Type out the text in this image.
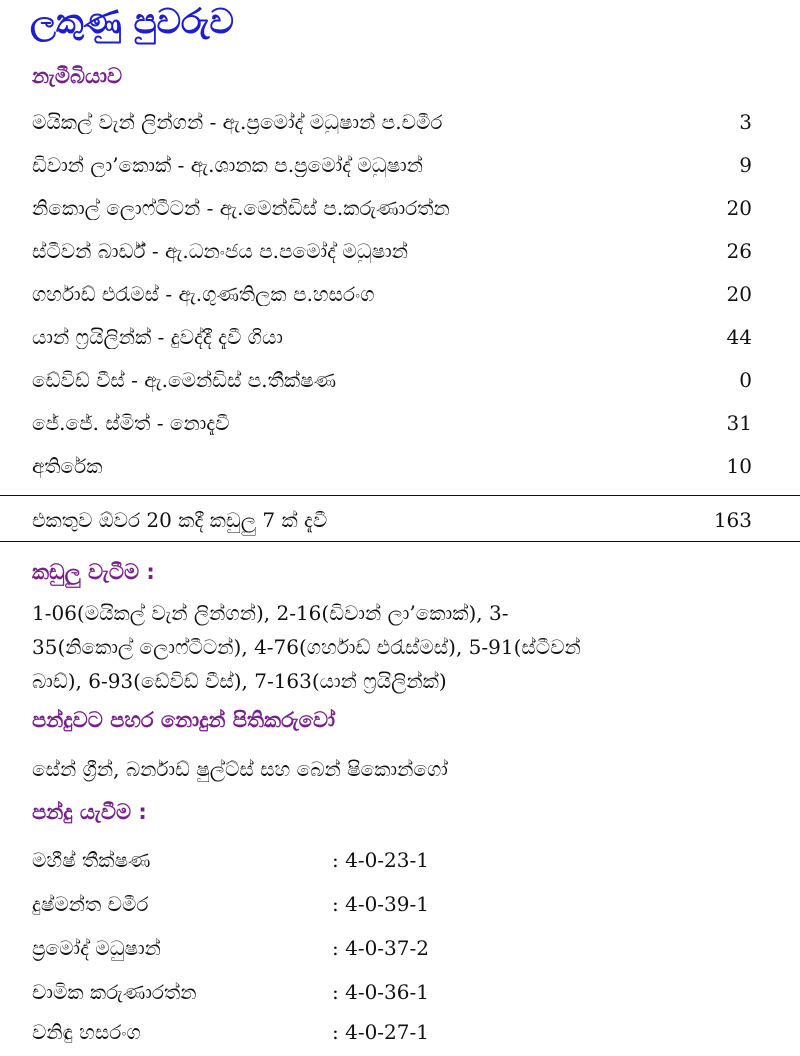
ලකුණු පුවරුව
නැමීබියාව
මයිකල් වැන් ලින්ගන් - ඇ.ප්‍රමෝද් මධුෂාන් ප.චමීර	3
ඩිවාන් ලා’කොක් - ඇ.ශානක ප.ප්‍රමෝද් මධුෂාන්	9
නිකොල් ලොෆ්ටීටන් - ඇ.මෙන්ඩිස් ප.කරුණාරත්න	20
ස්ටීවන් බාර්ඩ් - ඇ.ධනංජය ප.පමෝද් මධුෂාන්	26
ගර්හාඩ් එරැමස් - ඇ.ගුණතිලක ප.හසරංග	20
යාන් ෆ්‍රයිලින්ක් - දුවද්දී දැවී ගියා	44
ඩේවිඩ් වීස් - ඇ.මෙන්ඩිස් ප.තීක්ෂණ	0
ජේ.ජේ. ස්මිත් - නොදැවී	31
අතිරේක	10
එකතුව ඕවර 20 කදී කඩුලු 7 ක් දැවී	163
කඩුලු වැටීම :
1-06(මයිකල් වැන් ලින්ගන්), 2-16(ඩිවාන් ලා’කොක්), 3-
35(නිකොල් ලොෆ්ටීටන්), 4-76(ගර්හාඩ් එරැස්මස්), 5-91(ස්ටීවන්
බාඩ්), 6-93(ඩේවිඩ් වීස්), 7-163(යාන් ෆ්‍රයිලින්ක්)
පන්දුවට පහර නොදුන් පිතිකරුවෝ
සේන් ග්‍රීන්, බර්නාඩ් ෂුල්ට්ස් සහ බෙන් ෂිකොන්ගෝ
පන්දු යැවීම :
මහීෂ් තීක්ෂණ	: 4-0-23-1
දුෂ්මන්ත චමීර	: 4-0-39-1
ප්‍රමෝද් මධුෂාන්	: 4-0-37-2
චාමික කරුණාරත්න	: 4-0-36-1
වනිඳු හසරංග	: 4-0-27-1
